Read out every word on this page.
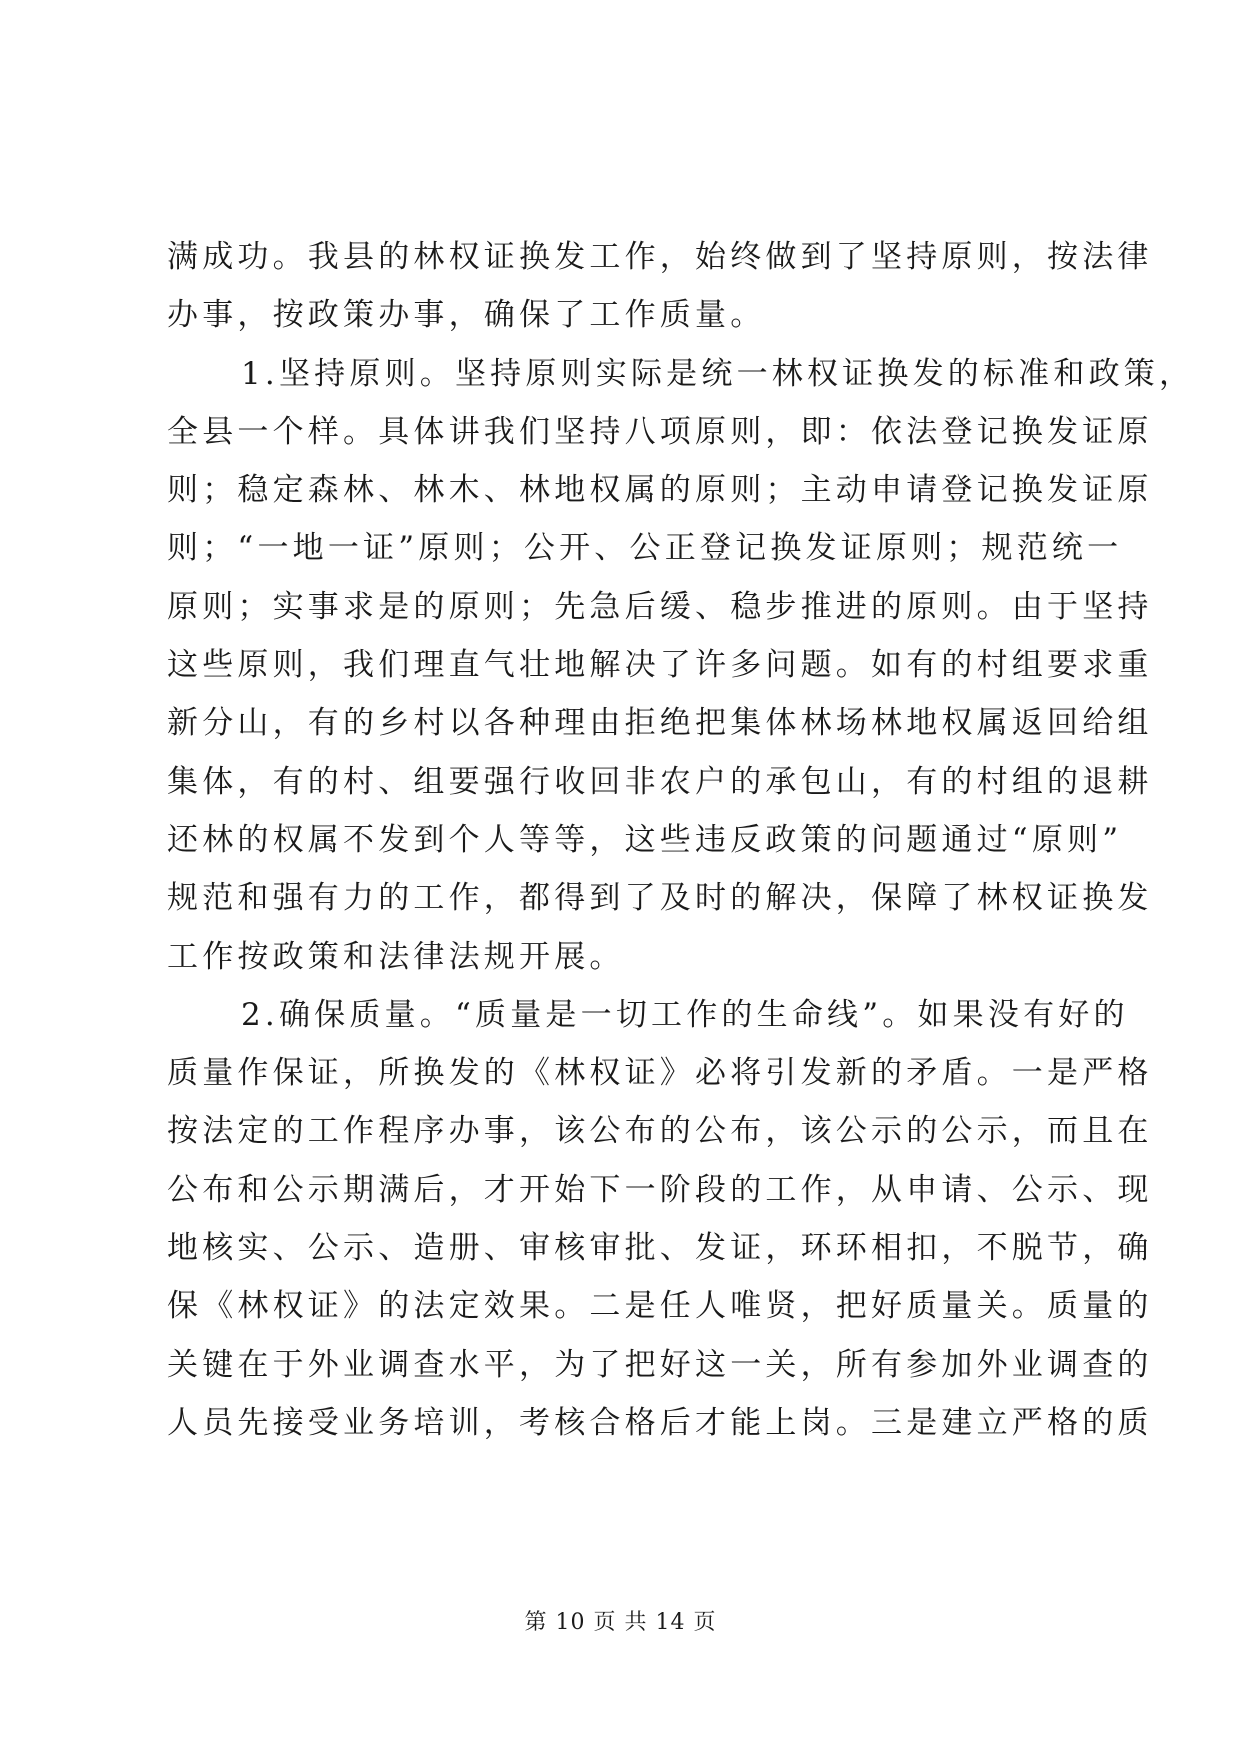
满成功。我县的林权证换发工作，始终做到了坚持原则，按法律
办事，按政策办事，确保了工作质量。
1.坚持原则。坚持原则实际是统一林权证换发的标准和政策，
全县一个样。具体讲我们坚持八项原则，即：依法登记换发证原
则；稳定森林、林木、林地权属的原则；主动申请登记换发证原
则；“一地一证”原则；公开、公正登记换发证原则；规范统一
原则；实事求是的原则；先急后缓、稳步推进的原则。由于坚持
这些原则，我们理直气壮地解决了许多问题。如有的村组要求重
新分山，有的乡村以各种理由拒绝把集体林场林地权属返回给组
集体，有的村、组要强行收回非农户的承包山，有的村组的退耕
还林的权属不发到个人等等，这些违反政策的问题通过“原则”
规范和强有力的工作，都得到了及时的解决，保障了林权证换发
工作按政策和法律法规开展。
2.确保质量。“质量是一切工作的生命线”。如果没有好的
质量作保证，所换发的《林权证》必将引发新的矛盾。一是严格
按法定的工作程序办事，该公布的公布，该公示的公示，而且在
公布和公示期满后，才开始下一阶段的工作，从申请、公示、现
地核实、公示、造册、审核审批、发证，环环相扣，不脱节，确
保《林权证》的法定效果。二是任人唯贤，把好质量关。质量的
关键在于外业调查水平，为了把好这一关，所有参加外业调查的
人员先接受业务培训，考核合格后才能上岗。三是建立严格的质
第 10 页 共 14 页
